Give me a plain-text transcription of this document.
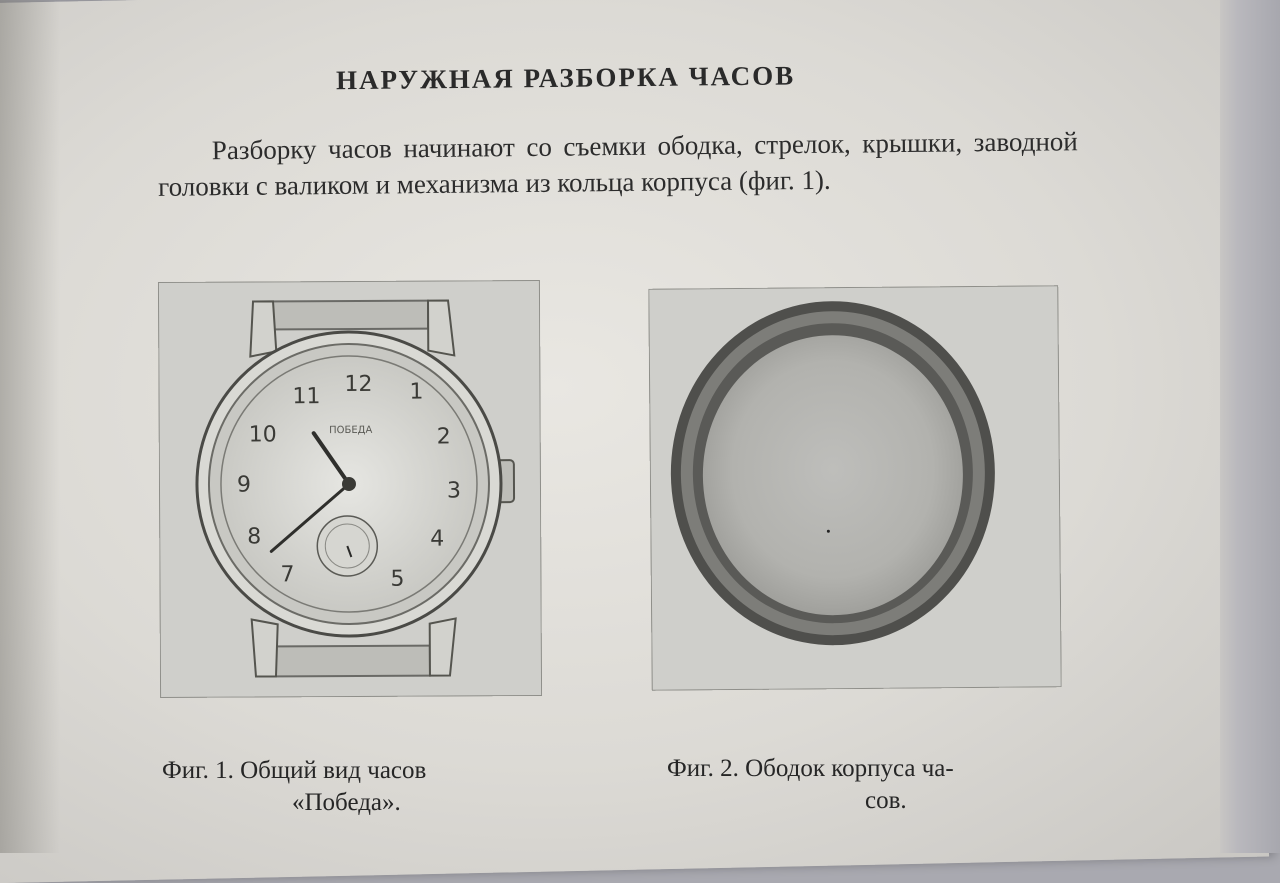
НАРУЖНАЯ РАЗБОРКА ЧАСОВ
Разборку часов начинают со съемки ободка, стрелок, крышки, заводной головки с валиком и механизма из кольца корпуса (фиг. 1).
12 1
2
3
4
5
7
8
9
10
11
ПОБЕДА
Фиг. 1. Общий вид часов
«Победа».
Фиг. 2. Ободок корпуса ча-
сов.
